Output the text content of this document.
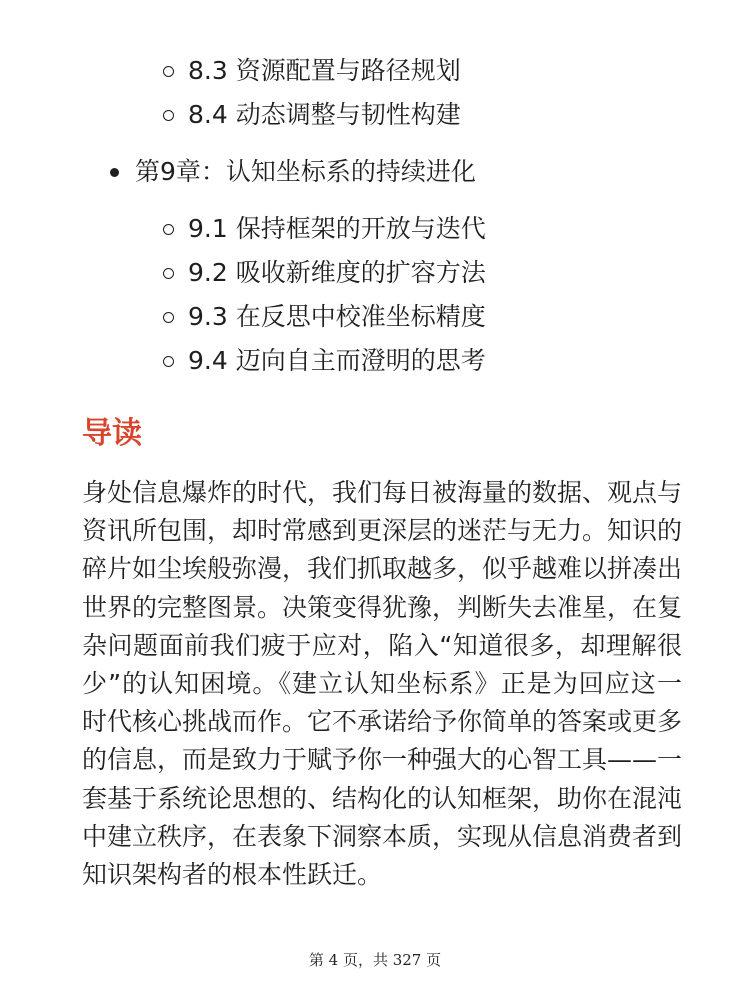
8.3 资源配置与路径规划
8.4 动态调整与韧性构建
第9章：认知坐标系的持续进化
9.1 保持框架的开放与迭代
9.2 吸收新维度的扩容方法
9.3 在反思中校准坐标精度
9.4 迈向自主而澄明的思考
导读

身处信息爆炸的时代，我们每日被海量的数据、观点与资讯所包围，却时常感到更深层的迷茫与无力。知识的碎片如尘埃般弥漫，我们抓取越多，似乎越难以拼凑出世界的完整图景。决策变得犹豫，判断失去准星，在复杂问题面前我们疲于应对，陷入“知道很多，却理解很少”的认知困境。《建立认知坐标系》正是为回应这一时代核心挑战而作。它不承诺给予你简单的答案或更多的信息，而是致力于赋予你一种强大的心智工具——一套基于系统论思想的、结构化的认知框架，助你在混沌中建立秩序，在表象下洞察本质，实现从信息消费者到知识架构者的根本性跃迁。

第 4 页，共 327 页
